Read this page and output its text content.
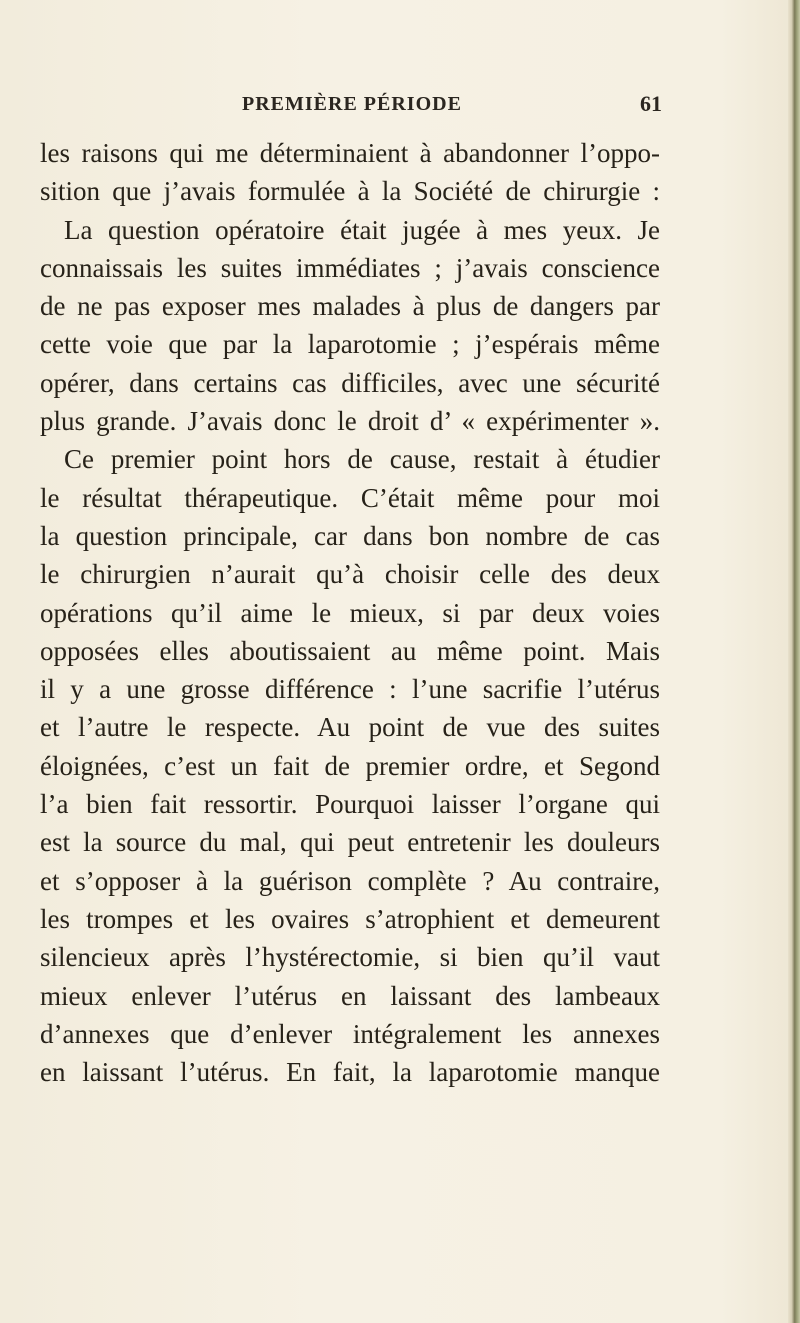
PREMIÈRE PÉRIODE	61
les raisons qui me déterminaient à abandonner l’oppo-
sition que j’avais formulée à la Société de chirurgie :
La question opératoire était jugée à mes yeux. Je
connaissais les suites immédiates ; j’avais conscience
de ne pas exposer mes malades à plus de dangers par
cette voie que par la laparotomie ; j’espérais même
opérer, dans certains cas difficiles, avec une sécurité
plus grande. J’avais donc le droit d’ « expérimenter ».
Ce premier point hors de cause, restait à étudier
le résultat thérapeutique. C’était même pour moi
la question principale, car dans bon nombre de cas
le chirurgien n’aurait qu’à choisir celle des deux
opérations qu’il aime le mieux, si par deux voies
opposées elles aboutissaient au même point. Mais
il y a une grosse différence : l’une sacrifie l’utérus
et l’autre le respecte. Au point de vue des suites
éloignées, c’est un fait de premier ordre, et Segond
l’a bien fait ressortir. Pourquoi laisser l’organe qui
est la source du mal, qui peut entretenir les douleurs
et s’opposer à la guérison complète ? Au contraire,
les trompes et les ovaires s’atrophient et demeurent
silencieux après l’hystérectomie, si bien qu’il vaut
mieux enlever l’utérus en laissant des lambeaux
d’annexes que d’enlever intégralement les annexes
en laissant l’utérus. En fait, la laparotomie manque
